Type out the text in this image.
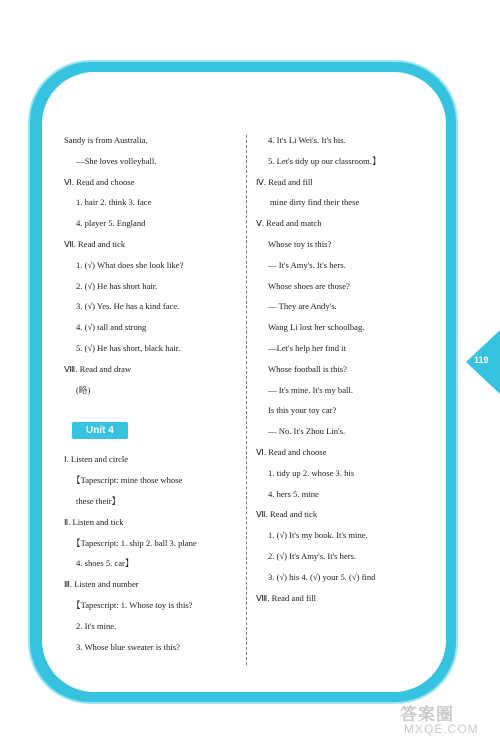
119
Sandy is from Australia.
—She loves volleyball.
Ⅵ. Read and choose
1. hair 2. think 3. face
4. player 5. England
Ⅶ. Read and tick
1. (√) What does she look like?
2. (√) He has short hair.
3. (√) Yes. He has a kind face.
4. (√) tall and strong
5. (√) He has short, black hair.
Ⅷ. Read and draw
(略)
Unit 4
Ⅰ. Listen and circle
【Tapescript: mine those whose
these their】
Ⅱ. Listen and tick
【Tapescript: 1. ship 2. ball 3. plane
4. shoes 5. car】
Ⅲ. Listen and number
【Tapescript: 1. Whose toy is this?
2. It's mine.
3. Whose blue sweater is this?
4. It's Li Wei's. It's his.
5. Let's tidy up our classroom.】
Ⅳ. Read and fill
mine dirty find their these
Ⅴ. Read and match
Whose toy is this?
— It's Amy's. It's hers.
Whose shoes are those?
— They are Andy's.
Wang Li lost her schoolbag.
—Let's help her find it
Whose football is this?
— It's mine. It's my ball.
Is this your toy car?
— No. It's Zhou Lin's.
Ⅵ. Read and choose
1. tidy up 2. whose 3. his
4. hers 5. mine
Ⅶ. Read and tick
1. (√) It's my book. It's mine.
2. (√) It's Amy's. It's hers.
3. (√) his 4. (√) your 5. (√) find
Ⅷ. Read and fill
答案圈
MXQE.COM
